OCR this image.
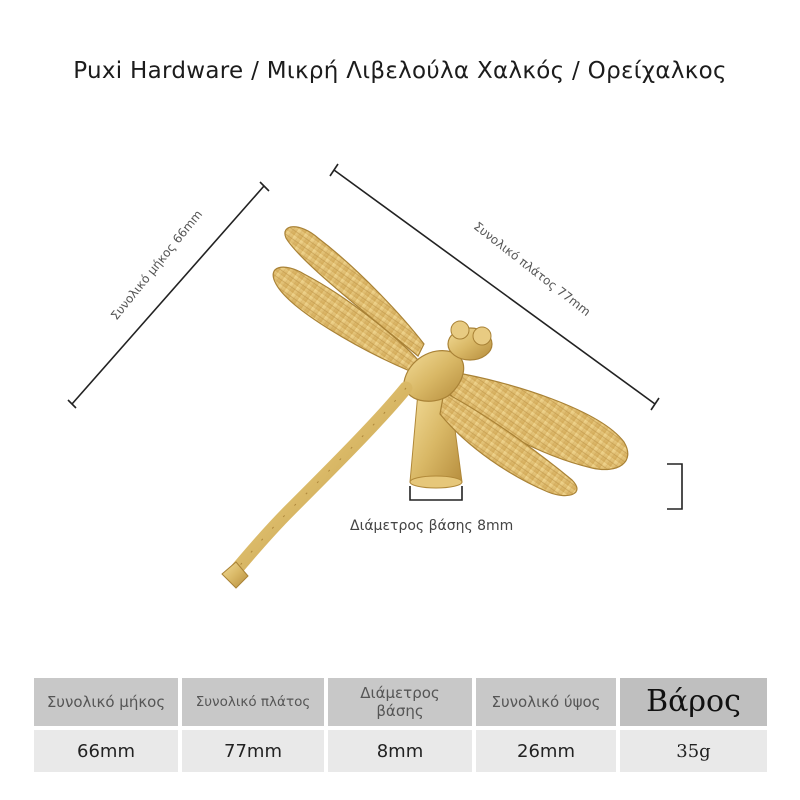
Puxi Hardware / Μικρή Λιβελούλα Χαλκός / Ορείχαλκος
Συνολικό μήκος 66mm	Συνολικό πλάτος 77mm
Διάμετρος βάσης 8mm
Συνολικό μήκος	Συνολικό πλάτος	Διάμετρος βάσης	Συνολικό ύψος	Βάρος
66mm	77mm	8mm	26mm	35g
